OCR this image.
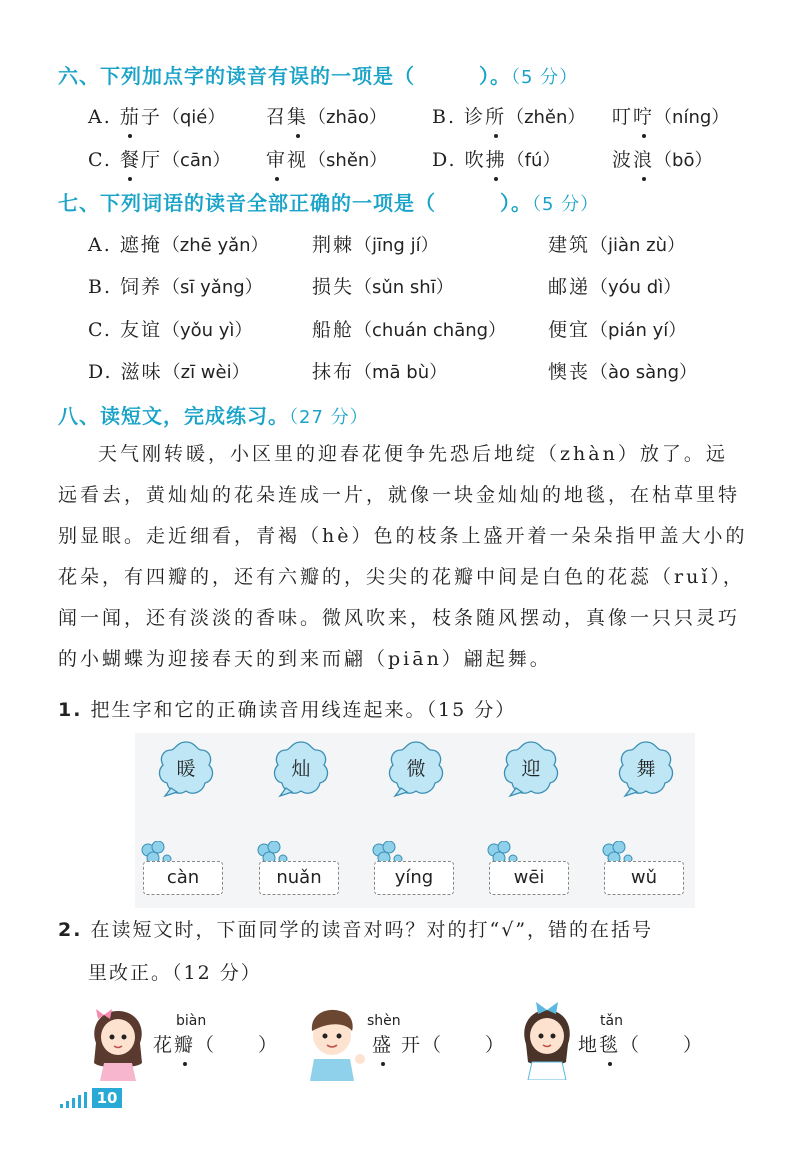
六、下列加点字的读音有误的一项是（	）。（5 分）
A. 茄子（qié） 召集（zhāo） B. 诊所（zhěn） 叮咛（níng）
C. 餐厅（cān） 审视（shěn） D. 吹拂（fú）	波浪（bō）
七、下列词语的读音全部正确的一项是（	）。（5 分）
A. 遮掩（zhē yǎn） 荆棘（jīng jí）	建筑（jiàn zù）
B. 饲养（sī yǎng）	损失（sǔn shī）	邮递（yóu dì）
C. 友谊（yǒu yì）	船舱（chuán chāng） 便宜（pián yí）
D. 滋味（zī wèi）	抹布（mā bù）	懊丧（ào sàng）
八、读短文，完成练习。（27 分）
天气刚转暖，小区里的迎春花便争先恐后地绽（zhàn）放了。远远看去，黄灿灿的花朵连成一片，就像一块金灿灿的地毯，在枯草里特别显眼。走近细看，青褐（hè）色的枝条上盛开着一朵朵指甲盖大小的花朵，有四瓣的，还有六瓣的，尖尖的花瓣中间是白色的花蕊（ruǐ），闻一闻，还有淡淡的香味。微风吹来，枝条随风摆动，真像一只只灵巧的小蝴蝶为迎接春天的到来而翩（piān）翩起舞。
1. 把生字和它的正确读音用线连起来。（15 分）
暖	灿	微	迎	舞
càn	nuǎn	yíng	wēi	wǔ
2. 在读短文时，下面同学的读音对吗？对的打“√”，错的在括号
里改正。（12 分）
biàn
花瓣（　　）
shèn
盛 开（　　）
tǎn
地毯（　　）
10
